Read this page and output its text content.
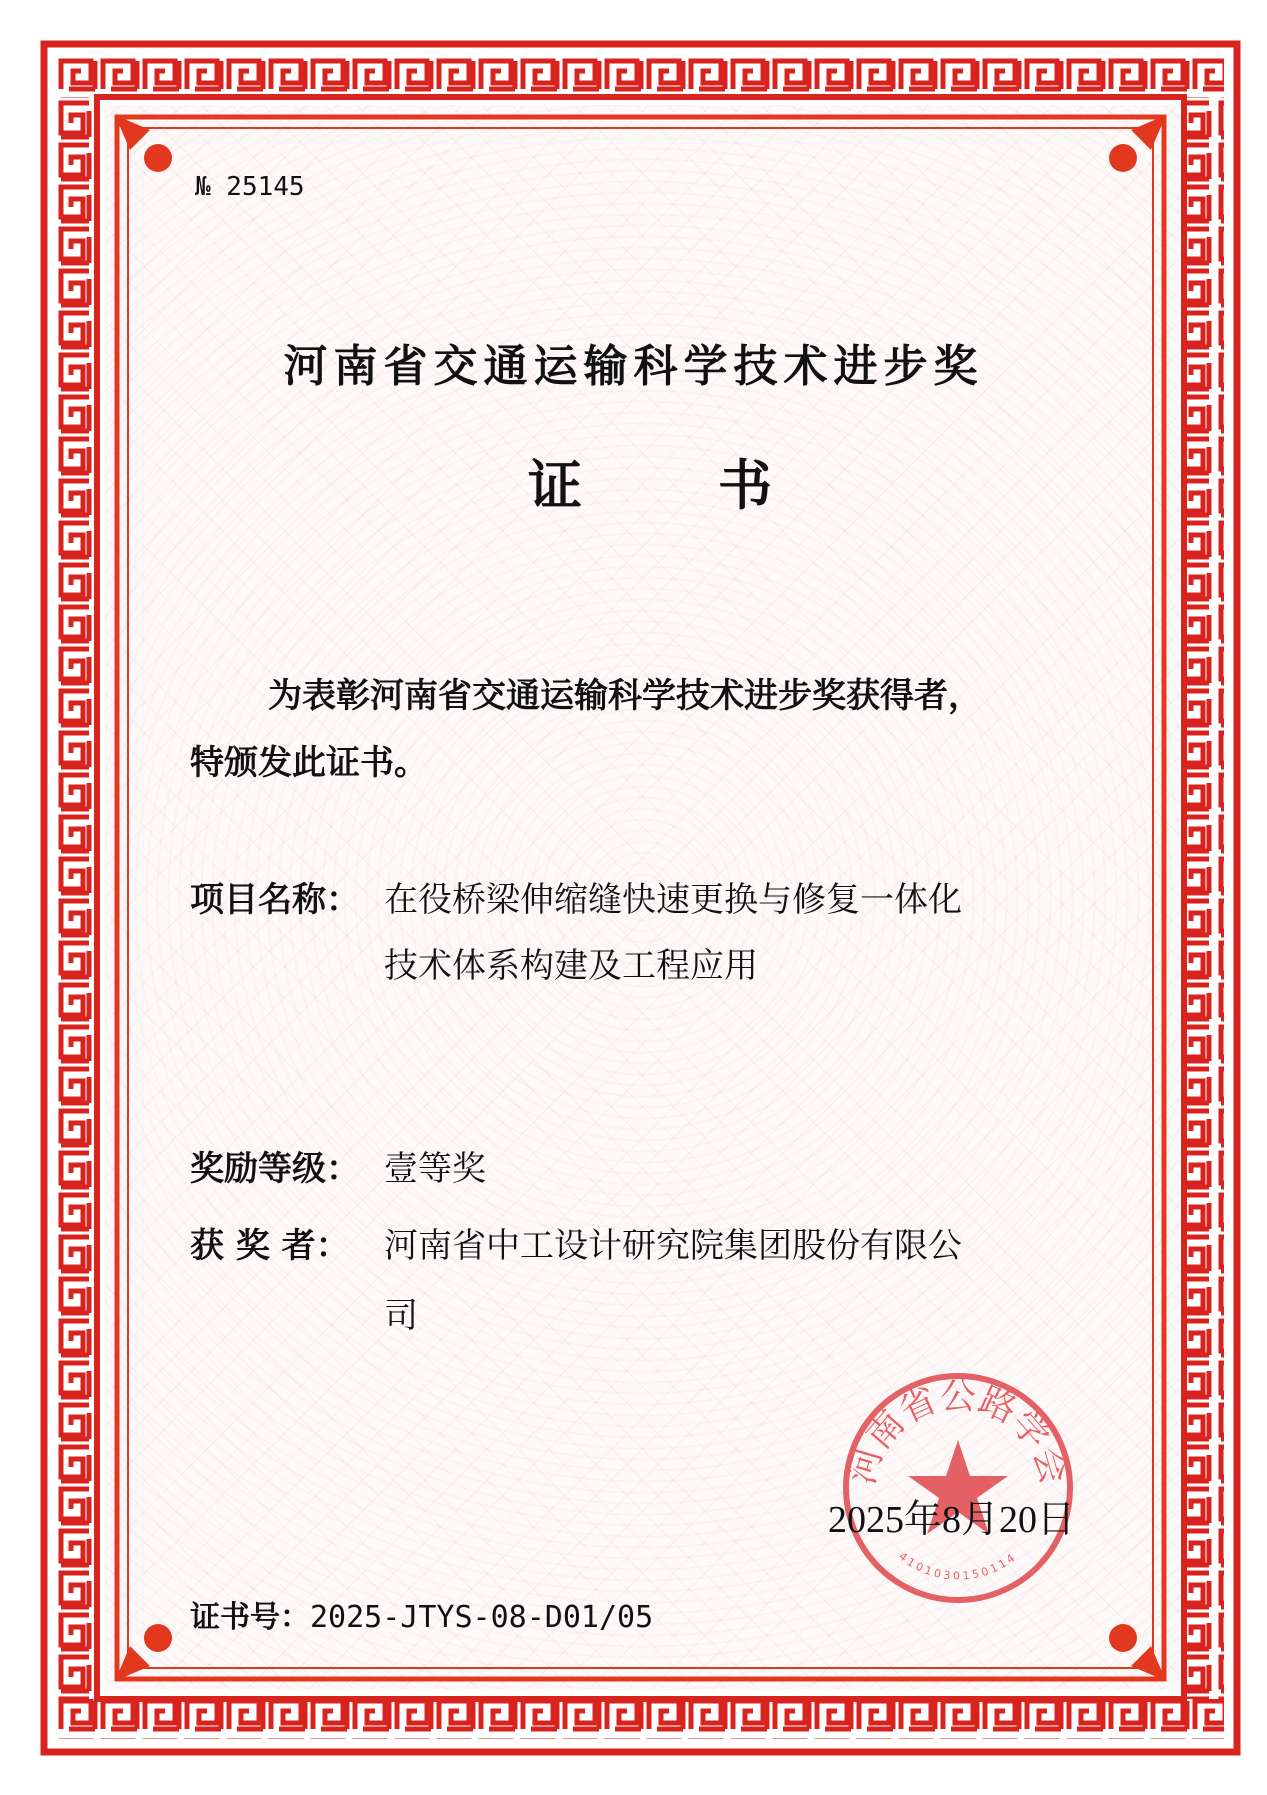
№ 25145
河南省交通运输科学技术进步奖
证	书
为表彰河南省交通运输科学技术进步奖获得者，
特颁发此证书。
项目名称： 在役桥梁伸缩缝快速更换与修复一体化
技术体系构建及工程应用
奖励等级： 壹等奖
获 奖 者： 河南省中工设计研究院集团股份有限公
司
河南省公路学会
4101030150114
2025年8月20日
证书号：2025-JTYS-08-D01/05
